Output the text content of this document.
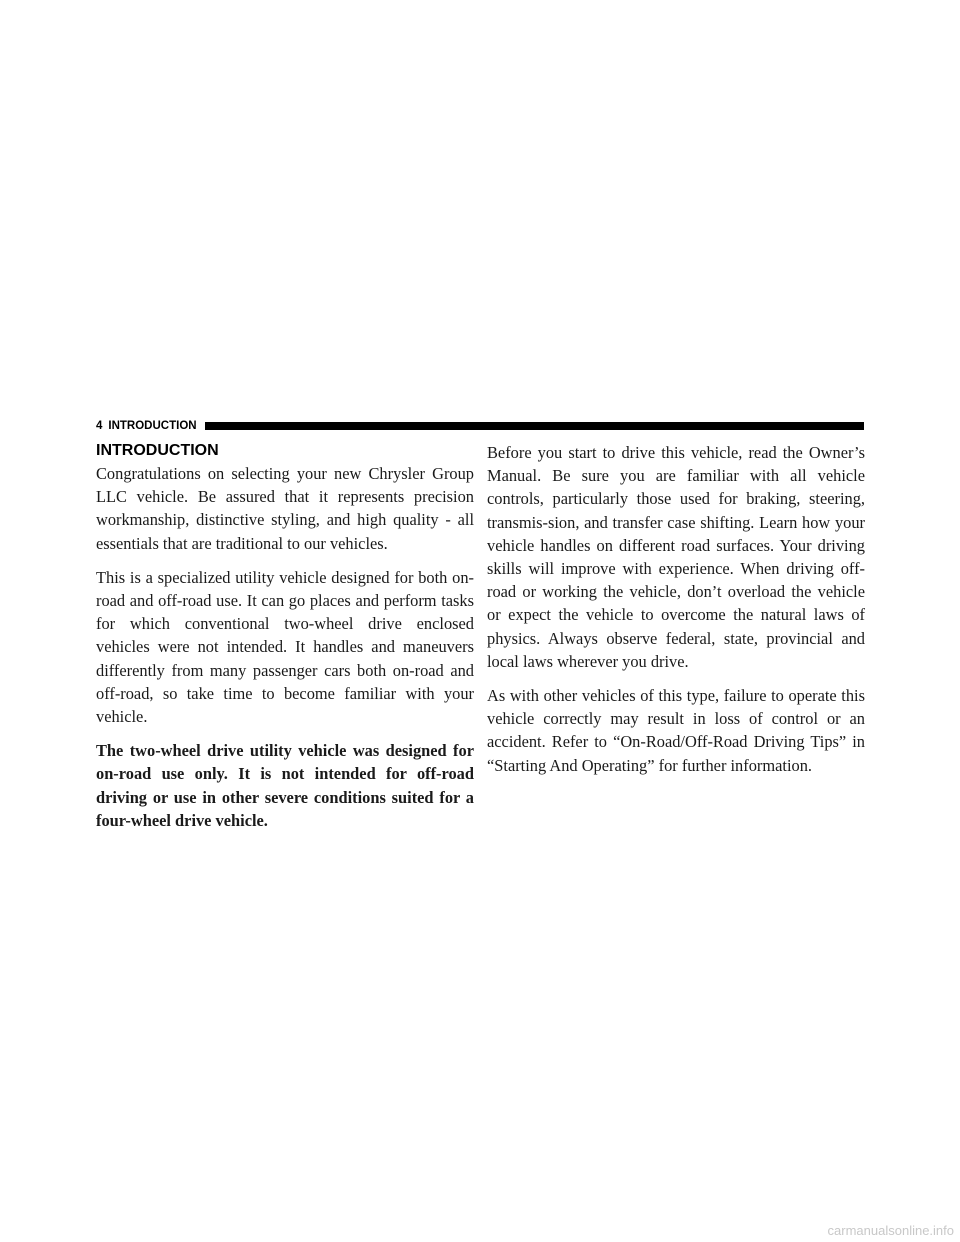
4 INTRODUCTION
INTRODUCTION

Congratulations on selecting your new Chrysler Group LLC vehicle. Be assured that it represents precision workmanship, distinctive styling, and high quality - all essentials that are traditional to our vehicles.

This is a specialized utility vehicle designed for both on-road and off-road use. It can go places and perform tasks for which conventional two-wheel drive enclosed vehicles were not intended. It handles and maneuvers differently from many passenger cars both on-road and off-road, so take time to become familiar with your vehicle.

The two-wheel drive utility vehicle was designed for on-road use only. It is not intended for off-road driving or use in other severe conditions suited for a four-wheel drive vehicle.

Before you start to drive this vehicle, read the Owner’s Manual. Be sure you are familiar with all vehicle controls, particularly those used for braking, steering, transmis-sion, and transfer case shifting. Learn how your vehicle handles on different road surfaces. Your driving skills will improve with experience. When driving off-road or working the vehicle, don’t overload the vehicle or expect the vehicle to overcome the natural laws of physics. Always observe federal, state, provincial and local laws wherever you drive.

As with other vehicles of this type, failure to operate this vehicle correctly may result in loss of control or an accident. Refer to “On-Road/Off-Road Driving Tips” in “Starting And Operating” for further information.

carmanualsonline.info
